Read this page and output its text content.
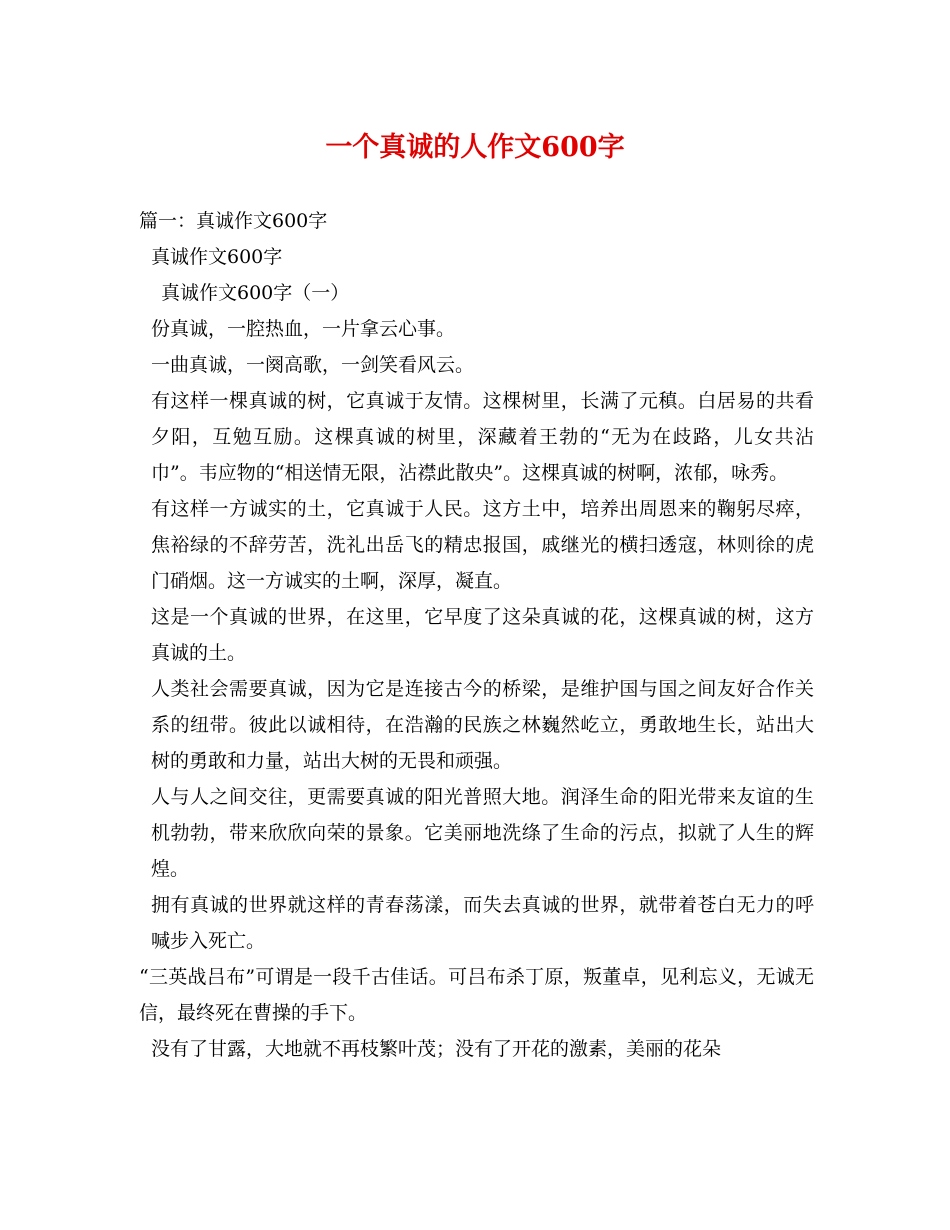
一个真诚的人作文600字

篇一：真诚作文600字

真诚作文600字

真诚作文600字（一）

份真诚，一腔热血，一片拿云心事。

一曲真诚，一阕高歌，一剑笑看风云。

有这样一棵真诚的树，它真诚于友情。这棵树里，长满了元稹。白居易的共看夕阳，互勉互励。这棵真诚的树里，深藏着王勃的“无为在歧路，儿女共沾巾”。韦应物的“相送情无限，沾襟此散央”。这棵真诚的树啊，浓郁，咏秀。

有这样一方诚实的土，它真诚于人民。这方土中，培养出周恩来的鞠躬尽瘁，焦裕绿的不辞劳苦，洗礼出岳飞的精忠报国，戚继光的横扫透寇，林则徐的虎门硝烟。这一方诚实的土啊，深厚，凝直。

这是一个真诚的世界，在这里，它早度了这朵真诚的花，这棵真诚的树，这方真诚的土。

人类社会需要真诚，因为它是连接古今的桥梁，是维护国与国之间友好合作关系的纽带。彼此以诚相待，在浩瀚的民族之林巍然屹立，勇敢地生长，站出大树的勇敢和力量，站出大树的无畏和顽强。

人与人之间交往，更需要真诚的阳光普照大地。润泽生命的阳光带来友谊的生机勃勃，带来欣欣向荣的景象。它美丽地洗绦了生命的污点，拟就了人生的辉煌。

拥有真诚的世界就这样的青春荡漾，而失去真诚的世界，就带着苍白无力的呼喊步入死亡。

“三英战吕布”可谓是一段千古佳话。可吕布杀丁原，叛董卓，见利忘义，无诚无信，最终死在曹操的手下。

没有了甘露，大地就不再枝繁叶茂；没有了开花的激素，美丽的花朵
